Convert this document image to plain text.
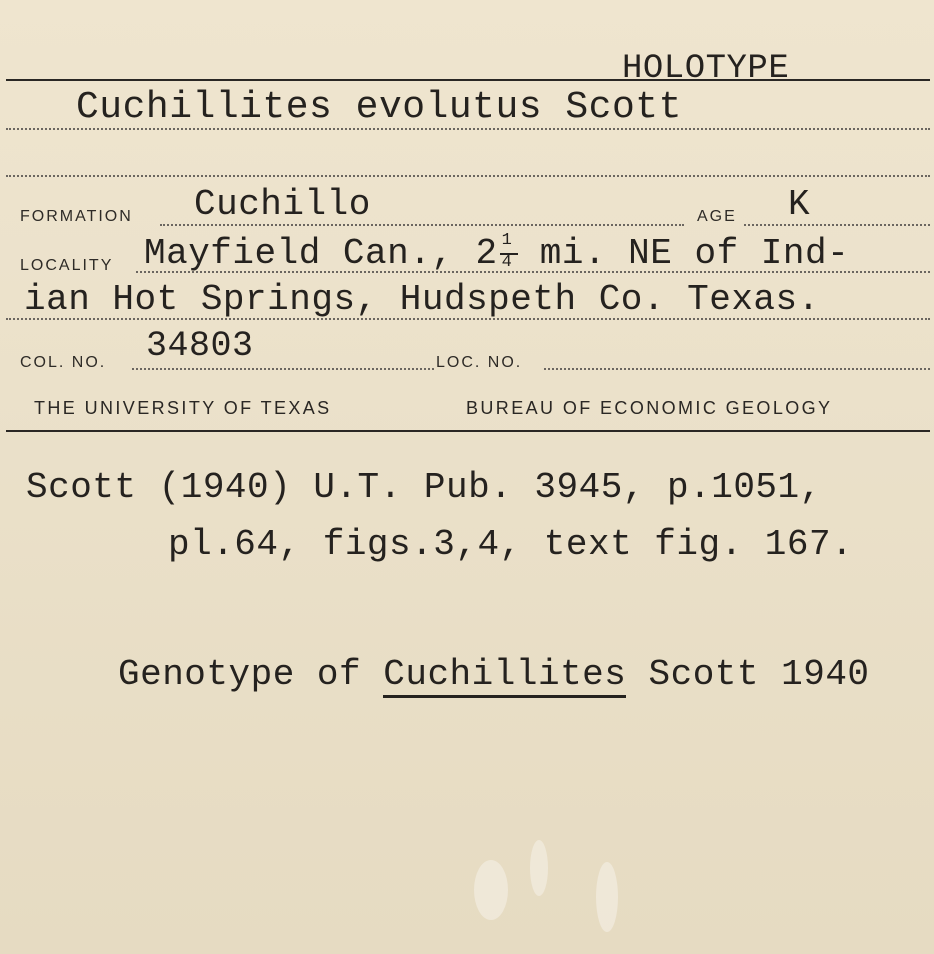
HOLOTYPE
Cuchillites evolutus Scott
FORMATION Cuchillo	AGE K
LOCALITY Mayfield Can., $2 \frac{1}{4}$ mi. NE of Ind-
ian Hot Springs, Hudspeth Co. Texas.
COL. NO. 34803	LOC. NO.
THE UNIVERSITY OF TEXAS	BUREAU OF ECONOMIC GEOLOGY
Scott (1940) U.T. Pub. 3945, p.1051,
pl.64, figs.3,4, text fig. 167.
Genotype of Cuchillites Scott 1940
